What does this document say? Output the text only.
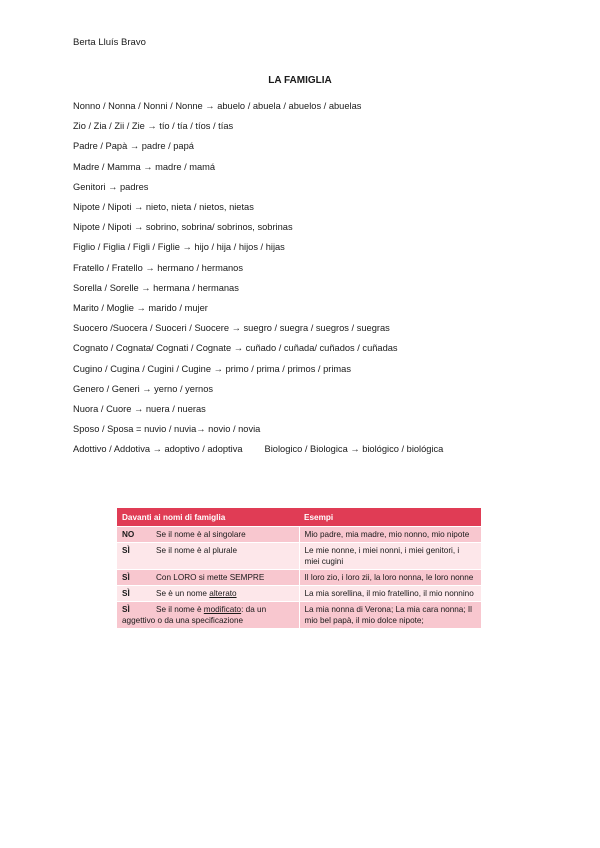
Berta Lluís Bravo
LA FAMIGLIA
Nonno / Nonna / Nonni / Nonne → abuelo / abuela / abuelos / abuelas
Zio / Zia / Zii / Zie → tío / tía / tíos / tías
Padre / Papà → padre / papá
Madre / Mamma → madre / mamá
Genitori → padres
Nipote / Nipoti → nieto, nieta / nietos, nietas
Nipote / Nipoti → sobrino, sobrina/ sobrinos, sobrinas
Figlio / Figlia / Figli / Figlie → hijo / hija / hijos / hijas
Fratello / Fratello → hermano / hermanos
Sorella / Sorelle → hermana / hermanas
Marito / Moglie → marido / mujer
Suocero /Suocera / Suoceri / Suocere → suegro / suegra / suegros / suegras
Cognato / Cognata/ Cognati / Cognate → cuñado / cuñada/ cuñados / cuñadas
Cugino / Cugina / Cugini / Cugine → primo / prima / primos / primas
Genero / Generi → yerno / yernos
Nuora / Cuore → nuera / nueras
Sposo / Sposa = nuvio / nuvia→ novio / novia
Adottivo / Addotiva → adoptivo / adoptiva Biologico / Biologica → biológico / biológica
Davanti ai nomi di famiglia	Esempi
NO Se il nome è al singolare	Mio padre, mia madre, mio nonno, mio nipote
SÌ Se il nome è al plurale	Le mie nonne, i miei nonni, i miei genitori, i miei cugini
SÌ Con LORO si mette SEMPRE	Il loro zio, i loro zii, la loro nonna, le loro nonne
SÌ Se è un nome alterato	La mia sorellina, il mio fratellino, il mio nonnino
SÌ Se il nome è modificato: da un aggettivo o da una specificazione	La mia nonna di Verona; La mia cara nonna; Il mio bel papà, il mio dolce nipote;
